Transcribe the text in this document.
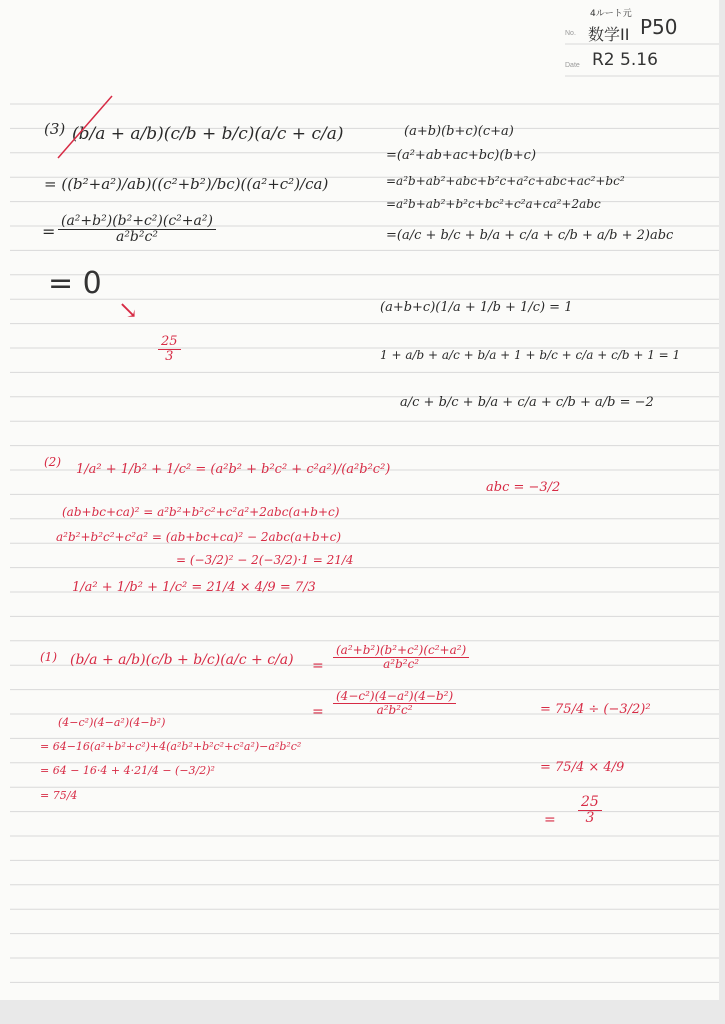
No.
Date
4ルート元
数学II P50
R2 5.16
(3) (b/a + a/b)(c/b + b/c)(a/c + c/a)
= ((b²+a²)/ab)((c²+b²)/bc)((a²+c²)/ca)
$\frac{\text{(a²+b²)(b²+c²)(c²+a²)}}{\text{a²b²c²}}$
=
= 0
↘
$\frac{25}{3}$
(a+b)(b+c)(c+a)
=(a²+ab+ac+bc)(b+c)
=a²b+ab²+abc+b²c+a²c+abc+ac²+bc²
=a²b+ab²+b²c+bc²+c²a+ca²+2abc
=(a/c + b/c + b/a + c/a + c/b + a/b + 2)abc
(a+b+c)(1/a + 1/b + 1/c) = 1
1 + a/b + a/c + b/a + 1 + b/c + c/a + c/b + 1 = 1
a/c + b/c + b/a + c/a + c/b + a/b = −2
(2) 1/a² + 1/b² + 1/c² = (a²b² + b²c² + c²a²)/(a²b²c²)
abc = −3/2
(ab+bc+ca)² = a²b²+b²c²+c²a²+2abc(a+b+c)
a²b²+b²c²+c²a² = (ab+bc+ca)² − 2abc(a+b+c)
= (−3/2)² − 2(−3/2)·1 = 21/4
1/a² + 1/b² + 1/c² = 21/4 × 4/9 = 7/3
(1) $(b/a + a/b)(c/b + b/c)(a/c + c/a) = \frac{\text{(a²+b²)(b²+c²)(c²+a²)}}{\text{a²b²c²}}$
= $\frac{\text{(4−c²)(4−a²)(4−b²)}}{\text{a²b²c²}}$	= 75/4 ÷ (−3/2)²
= 75/4 × 4/9
= $\frac{25}{3}$
(4−c²)(4−a²)(4−b²)
= 64−16(a²+b²+c²)+4(a²b²+b²c²+c²a²)−a²b²c²
= 64 − 16·4 + 4·21/4 − (−3/2)²
= 75/4
